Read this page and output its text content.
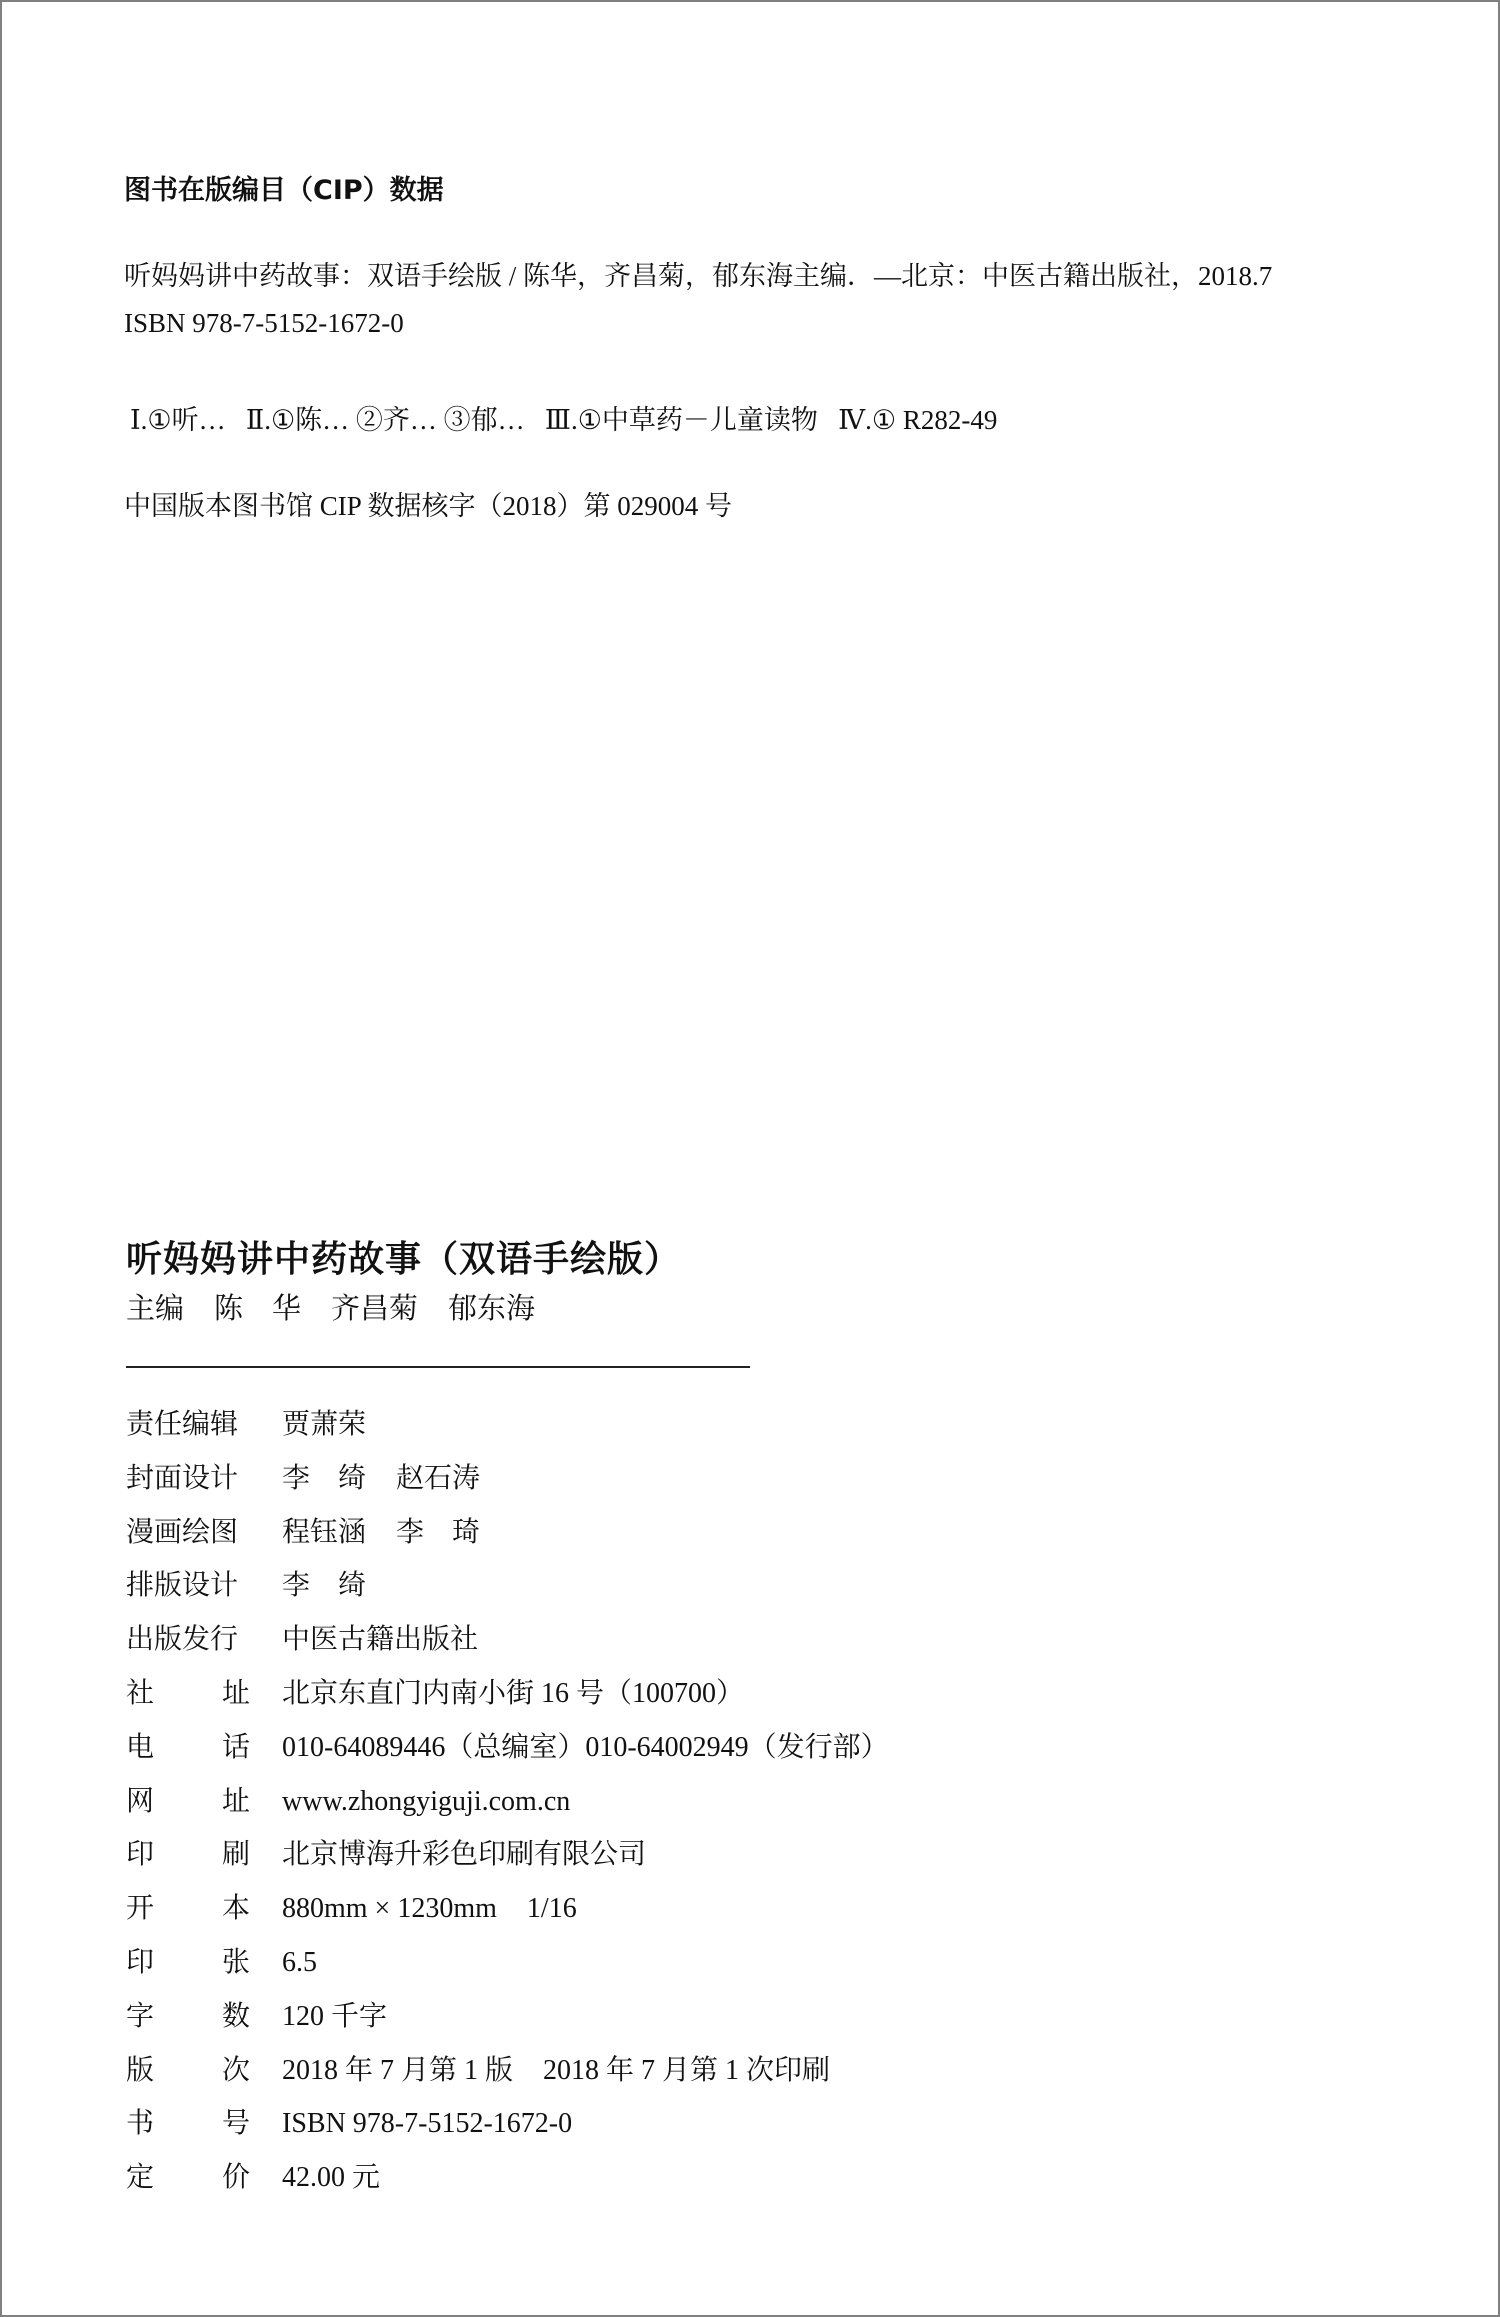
图书在版编目（CIP）数据
听妈妈讲中药故事：双语手绘版 / 陈华，齐昌菊，郁东海主编．—北京：中医古籍出版社，2018.7
ISBN 978-7-5152-1672-0
Ⅰ.①听…   Ⅱ.①陈… ②齐… ③郁…   Ⅲ.①中草药－儿童读物   Ⅳ.① R282-49
中国版本图书馆 CIP 数据核字（2018）第 029004 号
听妈妈讲中药故事（双语手绘版）
主编 陈　华 齐昌菊 郁东海
责任编辑 贾萧荣
封面设计 李　绮 赵石涛
漫画绘图 程钰涵 李　琦
排版设计 李　绮
出版发行 中医古籍出版社
社 址 北京东直门内南小街 16 号（100700）
电 话 010-64089446（总编室）010-64002949（发行部）
网 址 www.zhongyiguji.com.cn
印 刷 北京博海升彩色印刷有限公司
开 本 880mm × 1230mm 1/16
印 张 6.5
字 数 120 千字
版 次 2018 年 7 月第 1 版 2018 年 7 月第 1 次印刷
书 号 ISBN 978-7-5152-1672-0
定 价 42.00 元
